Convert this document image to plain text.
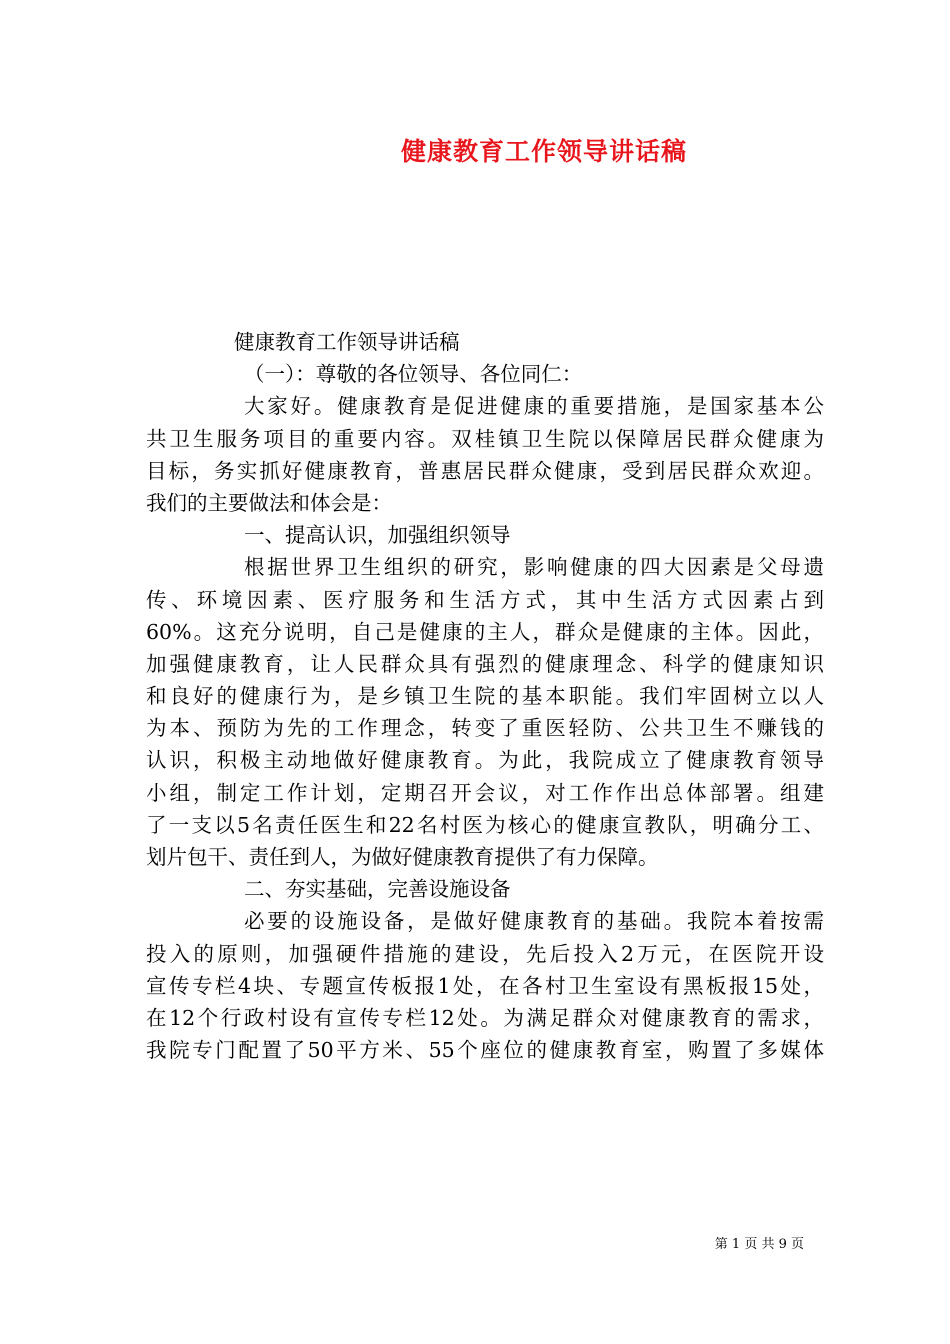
健康教育工作领导讲话稿
健康教育工作领导讲话稿
（一）：尊敬的各位领导、各位同仁：
大家好。健康教育是促进健康的重要措施，是国家基本公
共卫生服务项目的重要内容。双桂镇卫生院以保障居民群众健康为
目标，务实抓好健康教育，普惠居民群众健康，受到居民群众欢迎。
我们的主要做法和体会是：
一、提高认识，加强组织领导
根据世界卫生组织的研究，影响健康的四大因素是父母遗
传、环境因素、医疗服务和生活方式，其中生活方式因素占到
60%。这充分说明，自己是健康的主人，群众是健康的主体。因此，
加强健康教育，让人民群众具有强烈的健康理念、科学的健康知识
和良好的健康行为，是乡镇卫生院的基本职能。我们牢固树立以人
为本、预防为先的工作理念，转变了重医轻防、公共卫生不赚钱的
认识，积极主动地做好健康教育。为此，我院成立了健康教育领导
小组，制定工作计划，定期召开会议，对工作作出总体部署。组建
了一支以5名责任医生和22名村医为核心的健康宣教队，明确分工、
划片包干、责任到人，为做好健康教育提供了有力保障。
二、夯实基础，完善设施设备
必要的设施设备，是做好健康教育的基础。我院本着按需
投入的原则，加强硬件措施的建设，先后投入2万元，在医院开设
宣传专栏4块、专题宣传板报1处，在各村卫生室设有黑板报15处，
在12个行政村设有宣传专栏12处。为满足群众对健康教育的需求，
我院专门配置了50平方米、55个座位的健康教育室，购置了多媒体
第 1 页 共 9 页
